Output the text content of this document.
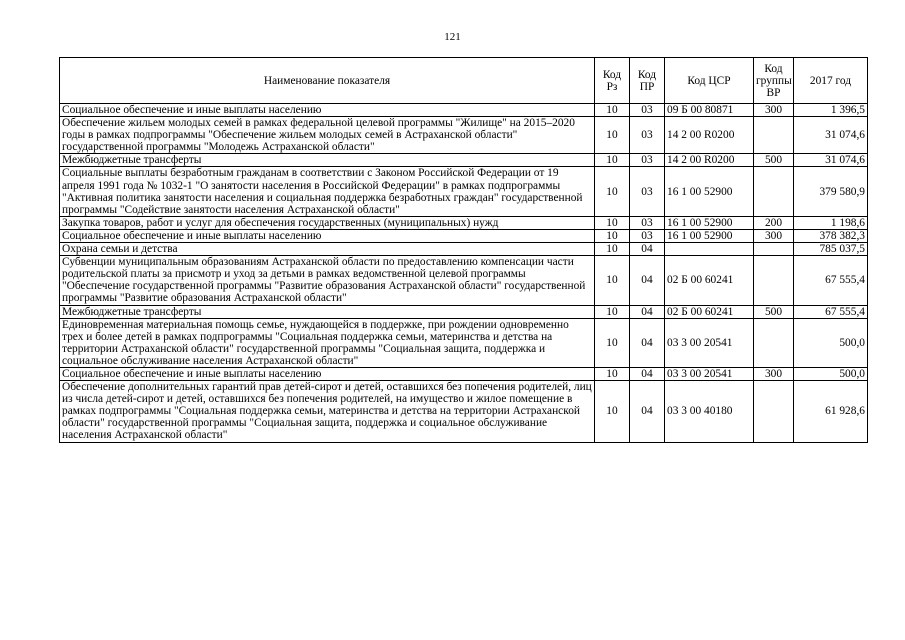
121
Наименование показателя	Код Рз	Код ПР	Код ЦСР	Код группы ВР	2017 год
Социальное обеспечение и иные выплаты населению	10	03	09 Б 00 80871	300	1 396,5
Обеспечение жильем молодых семей в рамках федеральной целевой программы "Жилище" на 2015–2020 годы в рамках подпрограммы "Обеспечение жильем молодых семей в Астраханской области" государственной программы "Молодежь Астраханской области"	10	03	14 2 00 R0200		31 074,6
Межбюджетные трансферты	10	03	14 2 00 R0200	500	31 074,6
Социальные выплаты безработным гражданам в соответствии с Законом Российской Федерации от 19 апреля 1991 года № 1032-1 "О занятости населения в Российской Федерации" в рамках подпрограммы "Активная политика занятости населения и социальная поддержка безработных граждан" государственной программы "Содействие занятости населения Астраханской области"	10	03	16 1 00 52900		379 580,9
Закупка товаров, работ и услуг для обеспечения государственных (муниципальных) нужд	10	03	16 1 00 52900	200	1 198,6
Социальное обеспечение и иные выплаты населению	10	03	16 1 00 52900	300	378 382,3
Охрана семьи и детства	10	04			785 037,5
Субвенции муниципальным образованиям Астраханской области по предоставлению компенсации части родительской платы за присмотр и уход за детьми в рамках ведомственной целевой программы "Обеспечение государственной программы "Развитие образования Астраханской области" государственной программы "Развитие образования Астраханской области"	10	04	02 Б 00 60241		67 555,4
Межбюджетные трансферты	10	04	02 Б 00 60241	500	67 555,4
Единовременная материальная помощь семье, нуждающейся в поддержке, при рождении одновременно трех и более детей в рамках подпрограммы "Социальная поддержка семьи, материнства и детства на территории Астраханской области" государственной программы "Социальная защита, поддержка и социальное обслуживание населения Астраханской области"	10	04	03 3 00 20541		500,0
Социальное обеспечение и иные выплаты населению	10	04	03 3 00 20541	300	500,0
Обеспечение дополнительных гарантий прав детей-сирот и детей, оставшихся без попечения родителей, лиц из числа детей-сирот и детей, оставшихся без попечения родителей, на имущество и жилое помещение в рамках подпрограммы "Социальная поддержка семьи, материнства и детства на территории Астраханской области" государственной программы "Социальная защита, поддержка и социальное обслуживание населения Астраханской области"	10	04	03 3 00 40180		61 928,6
